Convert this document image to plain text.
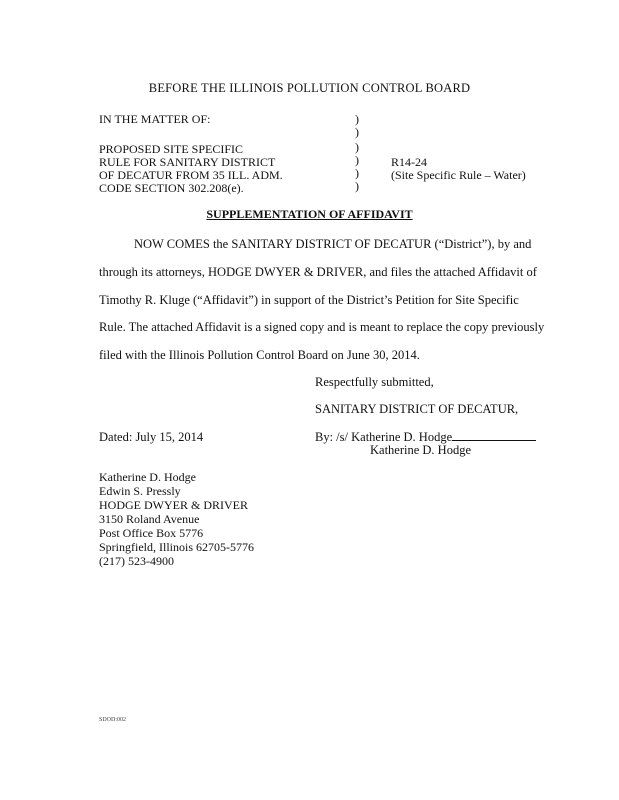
BEFORE THE ILLINOIS POLLUTION CONTROL BOARD
IN THE MATTER OF:
PROPOSED SITE SPECIFIC
RULE FOR SANITARY DISTRICT
OF DECATUR FROM 35 ILL. ADM.
CODE SECTION 302.208(e).
)
)
)
)
)
)
R14-24
(Site Specific Rule – Water)
SUPPLEMENTATION OF AFFIDAVIT
NOW COMES the SANITARY DISTRICT OF DECATUR (“District”), by and
through its attorneys, HODGE DWYER & DRIVER, and files the attached Affidavit of
Timothy R. Kluge (“Affidavit”) in support of the District’s Petition for Site Specific
Rule. The attached Affidavit is a signed copy and is meant to replace the copy previously
filed with the Illinois Pollution Control Board on June 30, 2014.
Respectfully submitted,
SANITARY DISTRICT OF DECATUR,
Dated: July 15, 2014	By: /s/ Katherine D. Hodge
Katherine D. Hodge
Katherine D. Hodge
Edwin S. Pressly
HODGE DWYER & DRIVER
3150 Roland Avenue
Post Office Box 5776
Springfield, Illinois 62705-5776
(217) 523-4900
SDOD:002
